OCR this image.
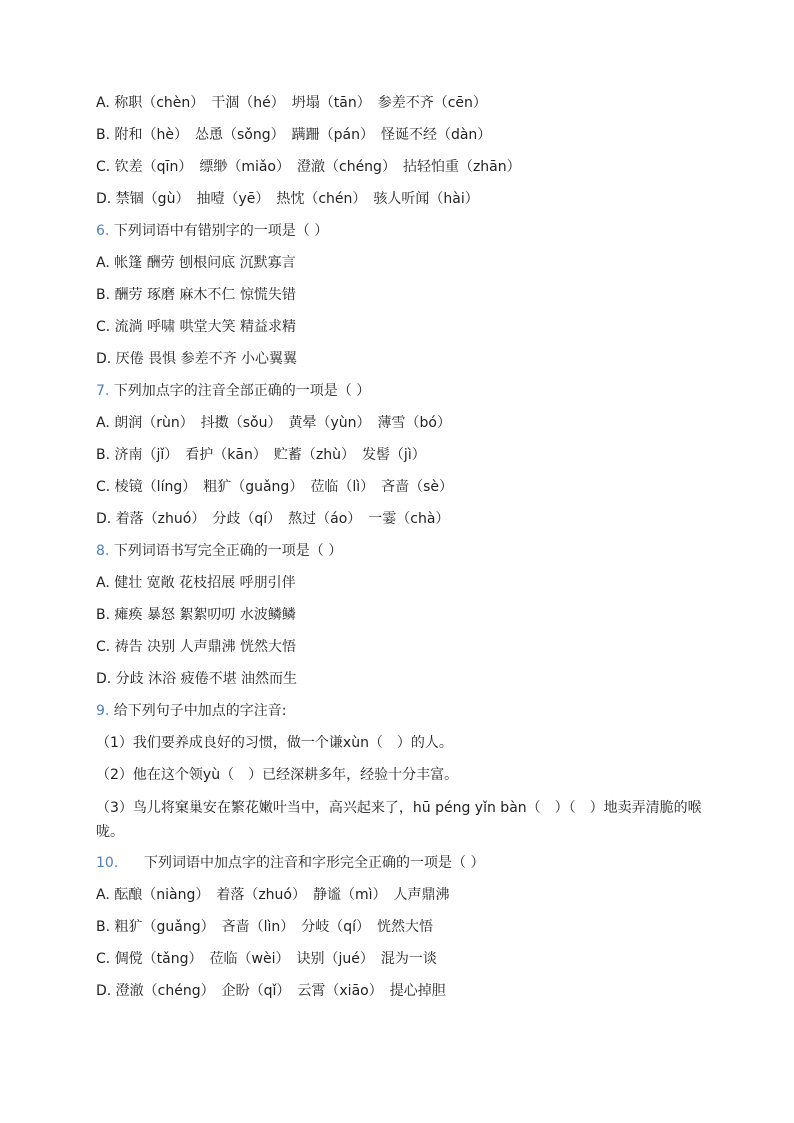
A. 称职（chèn）　干涸（hé）　坍塌（tān）　参差不齐（cēn）
B. 附和（hè）　怂恿（sǒng）　蹒跚（pán）　怪诞不经（dàn）
C. 钦差（qīn）　缥缈（miǎo）　澄澈（chéng）　拈轻怕重（zhān）
D. 禁锢（gù）　抽噎（yē）　热忱（chén）　骇人听闻（hài）
6. 下列词语中有错别字的一项是（ ）
A. 帐篷 酬劳 刨根问底 沉默寡言
B. 酬劳 琢磨 麻木不仁 惊慌失错
C. 流淌 呼啸 哄堂大笑 精益求精
D. 厌倦 畏惧 参差不齐 小心翼翼
7. 下列加点字的注音全部正确的一项是（ ）
A. 朗润（rùn）　抖擞（sǒu）　黄晕（yùn）　薄雪（bó）
B. 济南（jǐ）　看护（kān）　贮蓄（zhù）　发髻（jì）
C. 棱镜（líng）　粗犷（guǎng）　莅临（lì）　吝啬（sè）
D. 着落（zhuó）　分歧（qí）　熬过（áo）　一霎（chà）
8. 下列词语书写完全正确的一项是（ ）
A. 健壮 宽敞 花枝招展 呼朋引伴
B. 瘫痪 暴怒 絮絮叨叨 水波鳞鳞
C. 祷告 决别 人声鼎沸 恍然大悟
D. 分歧 沐浴 疲倦不堪 油然而生
9. 给下列句子中加点的字注音:
（1）我们要养成良好的习惯，做一个谦xùn（　）的人。
（2）他在这个领yù（　）已经深耕多年，经验十分丰富。
（3）鸟儿将窠巢安在繁花嫩叶当中，高兴起来了，hū péng yǐn bàn（　）（　）地卖弄清脆的喉咙。
10. 下列词语中加点字的注音和字形完全正确的一项是（ ）
A. 酝酿（niàng）　着落（zhuó）　静谧（mì）　人声鼎沸
B. 粗犷（guǎng）　吝啬（lìn）　分岐（qí）　恍然大悟
C. 倜傥（tǎng）　莅临（wèi）　诀别（jué）　混为一谈
D. 澄澈（chéng）　企盼（qǐ）　云霄（xiāo）　提心掉胆
